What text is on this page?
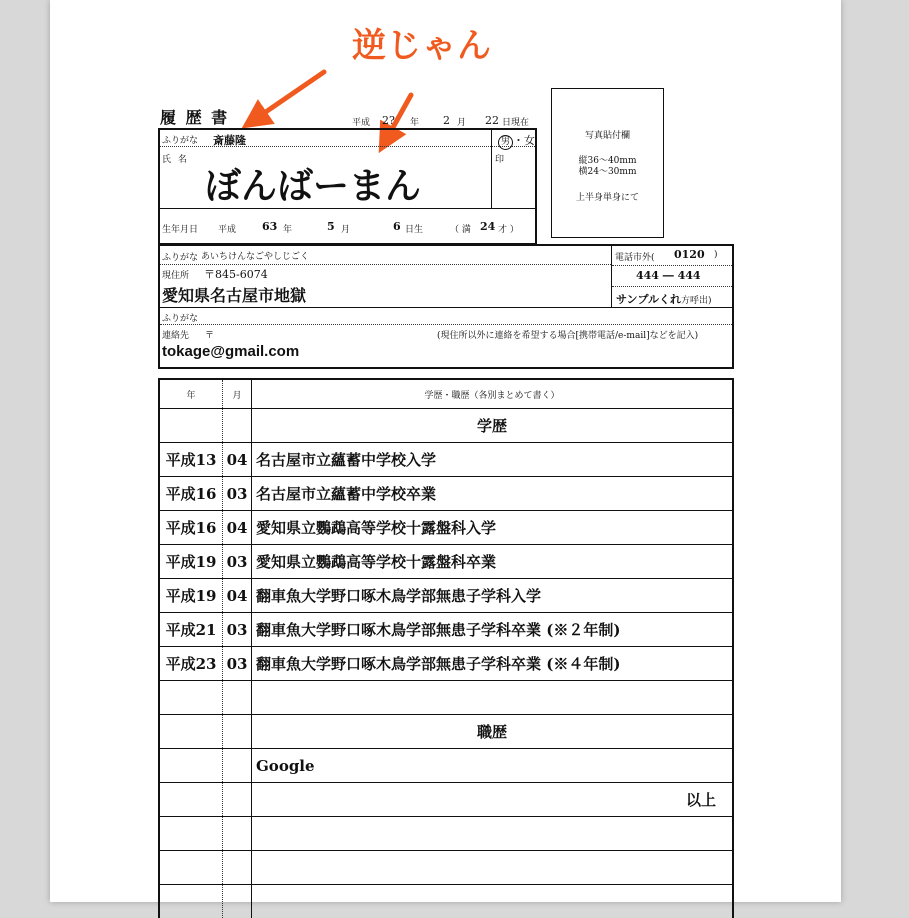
逆じゃん
履 歴 書	平成 2? 年 2 月 22 日現在
ふりがな 斎藤隆	男 ・女
氏 名
ぼんばーまん
印
生年月日 平成 63 年	5 月	6 日生	（ 満 24 才 ）
写真貼付欄
縦36〜40mm
横24〜30mm
上半身単身にて
ふりがな あいちけんなごやしじごく
現住所 〒845-6074
愛知県名古屋市地獄
電話市外( 0120 )
444 ― 444
サンプルくれ方呼出)
ふりがな
連絡先 〒	(現住所以外に連絡を希望する場合[携帯電話/e-mail]などを記入)
tokage@gmail.com
年	月	学歴・職歴（各別まとめて書く）
学歴
平成13 04 名古屋市立蘊蓄中学校入学
平成16 03 名古屋市立蘊蓄中学校卒業
平成16 04 愛知県立鸚鵡高等学校十露盤科入学
平成19 03 愛知県立鸚鵡高等学校十露盤科卒業
平成19 04 翻車魚大学野口啄木鳥学部無患子学科入学
平成21 03 翻車魚大学野口啄木鳥学部無患子学科卒業 (※２年制)
平成23 03 翻車魚大学野口啄木鳥学部無患子学科卒業 (※４年制)
職歴
Google
以上
